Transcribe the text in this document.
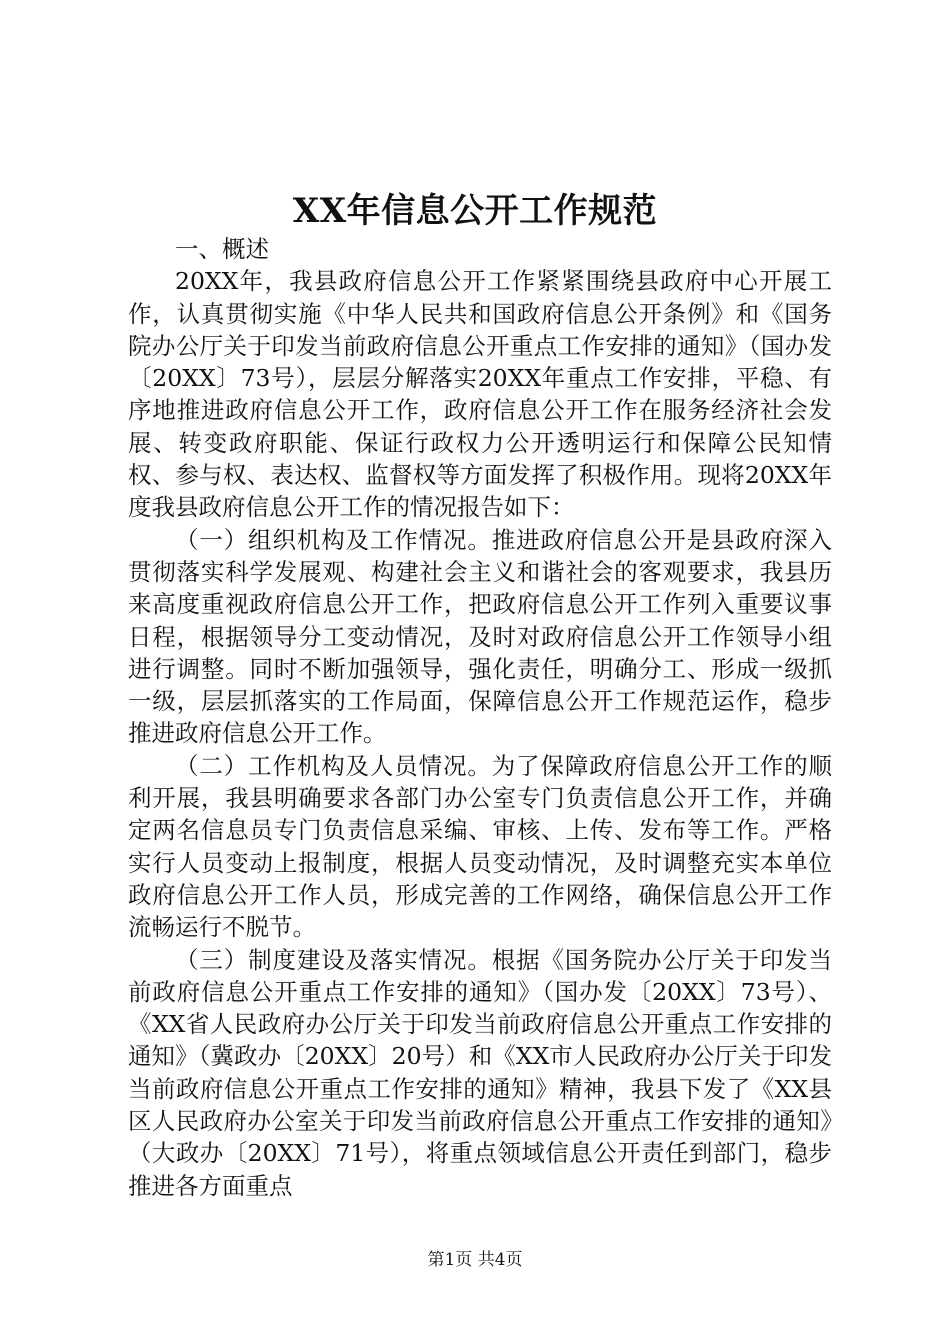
XX年信息公开工作规范

一、概述

20XX年，我县政府信息公开工作紧紧围绕县政府中心开展工作，认真贯彻实施《中华人民共和国政府信息公开条例》和《国务院办公厅关于印发当前政府信息公开重点工作安排的通知》（国办发〔20XX〕73号），层层分解落实20XX年重点工作安排，平稳、有序地推进政府信息公开工作，政府信息公开工作在服务经济社会发展、转变政府职能、保证行政权力公开透明运行和保障公民知情权、参与权、表达权、监督权等方面发挥了积极作用。现将20XX年度我县政府信息公开工作的情况报告如下：

（一）组织机构及工作情况。推进政府信息公开是县政府深入贯彻落实科学发展观、构建社会主义和谐社会的客观要求，我县历来高度重视政府信息公开工作，把政府信息公开工作列入重要议事日程，根据领导分工变动情况，及时对政府信息公开工作领导小组进行调整。同时不断加强领导，强化责任，明确分工、形成一级抓一级，层层抓落实的工作局面，保障信息公开工作规范运作，稳步推进政府信息公开工作。

（二）工作机构及人员情况。为了保障政府信息公开工作的顺利开展，我县明确要求各部门办公室专门负责信息公开工作，并确定两名信息员专门负责信息采编、审核、上传、发布等工作。严格实行人员变动上报制度，根据人员变动情况，及时调整充实本单位政府信息公开工作人员，形成完善的工作网络，确保信息公开工作流畅运行不脱节。

（三）制度建设及落实情况。根据《国务院办公厅关于印发当前政府信息公开重点工作安排的通知》（国办发〔20XX〕73号）、《XX省人民政府办公厅关于印发当前政府信息公开重点工作安排的通知》（冀政办〔20XX〕20号）和《XX市人民政府办公厅关于印发当前政府信息公开重点工作安排的通知》精神，我县下发了《XX县区人民政府办公室关于印发当前政府信息公开重点工作安排的通知》（大政办〔20XX〕71号），将重点领域信息公开责任到部门，稳步推进各方面重点

第1页 共4页
